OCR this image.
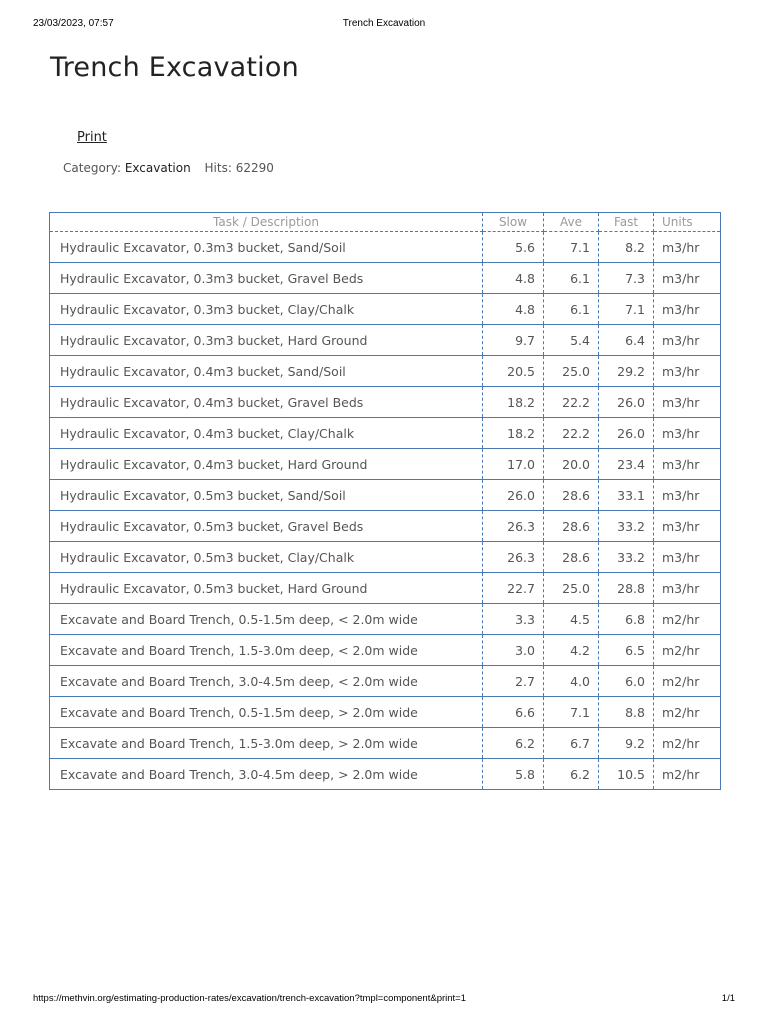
23/03/2023, 07:57	Trench Excavation
Trench Excavation
Print
Category: Excavation Hits: 62290
Task / Description	Slow	Ave	Fast	Units
Hydraulic Excavator, 0.3m3 bucket, Sand/Soil	5.6	7.1	8.2	m3/hr
Hydraulic Excavator, 0.3m3 bucket, Gravel Beds	4.8	6.1	7.3	m3/hr
Hydraulic Excavator, 0.3m3 bucket, Clay/Chalk	4.8	6.1	7.1	m3/hr
Hydraulic Excavator, 0.3m3 bucket, Hard Ground	9.7	5.4	6.4	m3/hr
Hydraulic Excavator, 0.4m3 bucket, Sand/Soil	20.5	25.0	29.2	m3/hr
Hydraulic Excavator, 0.4m3 bucket, Gravel Beds	18.2	22.2	26.0	m3/hr
Hydraulic Excavator, 0.4m3 bucket, Clay/Chalk	18.2	22.2	26.0	m3/hr
Hydraulic Excavator, 0.4m3 bucket, Hard Ground	17.0	20.0	23.4	m3/hr
Hydraulic Excavator, 0.5m3 bucket, Sand/Soil	26.0	28.6	33.1	m3/hr
Hydraulic Excavator, 0.5m3 bucket, Gravel Beds	26.3	28.6	33.2	m3/hr
Hydraulic Excavator, 0.5m3 bucket, Clay/Chalk	26.3	28.6	33.2	m3/hr
Hydraulic Excavator, 0.5m3 bucket, Hard Ground	22.7	25.0	28.8	m3/hr
Excavate and Board Trench, 0.5-1.5m deep, < 2.0m wide	3.3	4.5	6.8	m2/hr
Excavate and Board Trench, 1.5-3.0m deep, < 2.0m wide	3.0	4.2	6.5	m2/hr
Excavate and Board Trench, 3.0-4.5m deep, < 2.0m wide	2.7	4.0	6.0	m2/hr
Excavate and Board Trench, 0.5-1.5m deep, > 2.0m wide	6.6	7.1	8.8	m2/hr
Excavate and Board Trench, 1.5-3.0m deep, > 2.0m wide	6.2	6.7	9.2	m2/hr
Excavate and Board Trench, 3.0-4.5m deep, > 2.0m wide	5.8	6.2	10.5	m2/hr
https://methvin.org/estimating-production-rates/excavation/trench-excavation?tmpl=component&print=1	1/1
